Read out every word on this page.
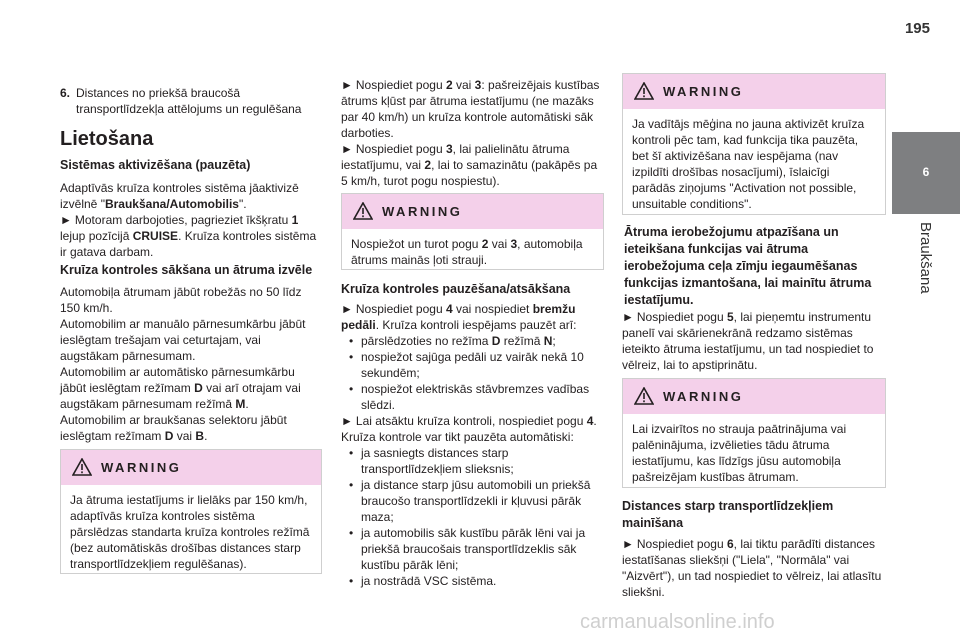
195
6
Braukšana
6. Distances no priekšā braucošā transportlīdzekļa attēlojums un regulēšana
Lietošana
Sistēmas aktivizēšana (pauzēta)
Adaptīvās kruīza kontroles sistēma jāaktivizē izvēlnē "Braukšana/Automobilis".
► Motoram darbojoties, pagrieziet īkšķratu 1 lejup pozīcijā CRUISE. Kruīza kontroles sistēma ir gatava darbam.
Kruīza kontroles sākšana un ātruma izvēle
Automobiļa ātrumam jābūt robežās no 50 līdz 150 km/h.
Automobilim ar manuālo pārnesumkārbu jābūt ieslēgtam trešajam vai ceturtajam, vai augstākam pārnesumam.
Automobilim ar automātisko pārnesumkārbu jābūt ieslēgtam režīmam D vai arī otrajam vai augstākam pārnesumam režīmā M.
Automobilim ar braukšanas selektoru jābūt ieslēgtam režīmam D vai B.
WARNING
Ja ātruma iestatījums ir lielāks par 150 km/h, adaptīvās kruīza kontroles sistēma pārslēdzas standarta kruīza kontroles režīmā (bez automātiskās drošības distances starp transportlīdzekļiem regulēšanas).
► Nospiediet pogu 2 vai 3: pašreizējais kustības ātrums kļūst par ātruma iestatījumu (ne mazāks par 40 km/h) un kruīza kontrole automātiski sāk darboties.
► Nospiediet pogu 3, lai palielinātu ātruma iestatījumu, vai 2, lai to samazinātu (pakāpēs pa 5 km/h, turot pogu nospiestu).
WARNING
Nospiežot un turot pogu 2 vai 3, automobiļa ātrums mainās ļoti strauji.
Kruīza kontroles pauzēšana/atsākšana
► Nospiediet pogu 4 vai nospiediet bremžu pedāli. Kruīza kontroli iespējams pauzēt arī:
• pārslēdzoties no režīma D režīmā N;
• nospiežot sajūga pedāli uz vairāk nekā 10 sekundēm;
• nospiežot elektriskās stāvbremzes vadības slēdzi.
► Lai atsāktu kruīza kontroli, nospiediet pogu 4.
Kruīza kontrole var tikt pauzēta automātiski:
• ja sasniegts distances starp transportlīdzekļiem slieksnis;
• ja distance starp jūsu automobili un priekšā braucošo transportlīdzekli ir kļuvusi pārāk maza;
• ja automobilis sāk kustību pārāk lēni vai ja priekšā braucošais transportlīdzeklis sāk kustību pārāk lēni;
• ja nostrādā VSC sistēma.
WARNING
Ja vadītājs mēģina no jauna aktivizēt kruīza kontroli pēc tam, kad funkcija tika pauzēta, bet šī aktivizēšana nav iespējama (nav izpildīti drošības nosacījumi), īslaicīgi parādās ziņojums "Activation not possible, unsuitable conditions".
Ātruma ierobežojumu atpazīšana un ieteikšana funkcijas vai ātruma ierobežojuma ceļa zīmju iegaumēšanas funkcijas izmantošana, lai mainītu ātruma iestatījumu.
► Nospiediet pogu 5, lai pieņemtu instrumentu panelī vai skārienekrānā redzamo sistēmas ieteikto ātruma iestatījumu, un tad nospiediet to vēlreiz, lai to apstiprinātu.
WARNING
Lai izvairītos no strauja paātrinājuma vai palēninājuma, izvēlieties tādu ātruma iestatījumu, kas līdzīgs jūsu automobiļa pašreizējam kustības ātrumam.
Distances starp transportlīdzekļiem mainīšana
► Nospiediet pogu 6, lai tiktu parādīti distances iestatīšanas sliekšņi ("Liela", "Normāla" vai "Aizvērt"), un tad nospiediet to vēlreiz, lai atlasītu sliekšni.
carmanualsonline.info
